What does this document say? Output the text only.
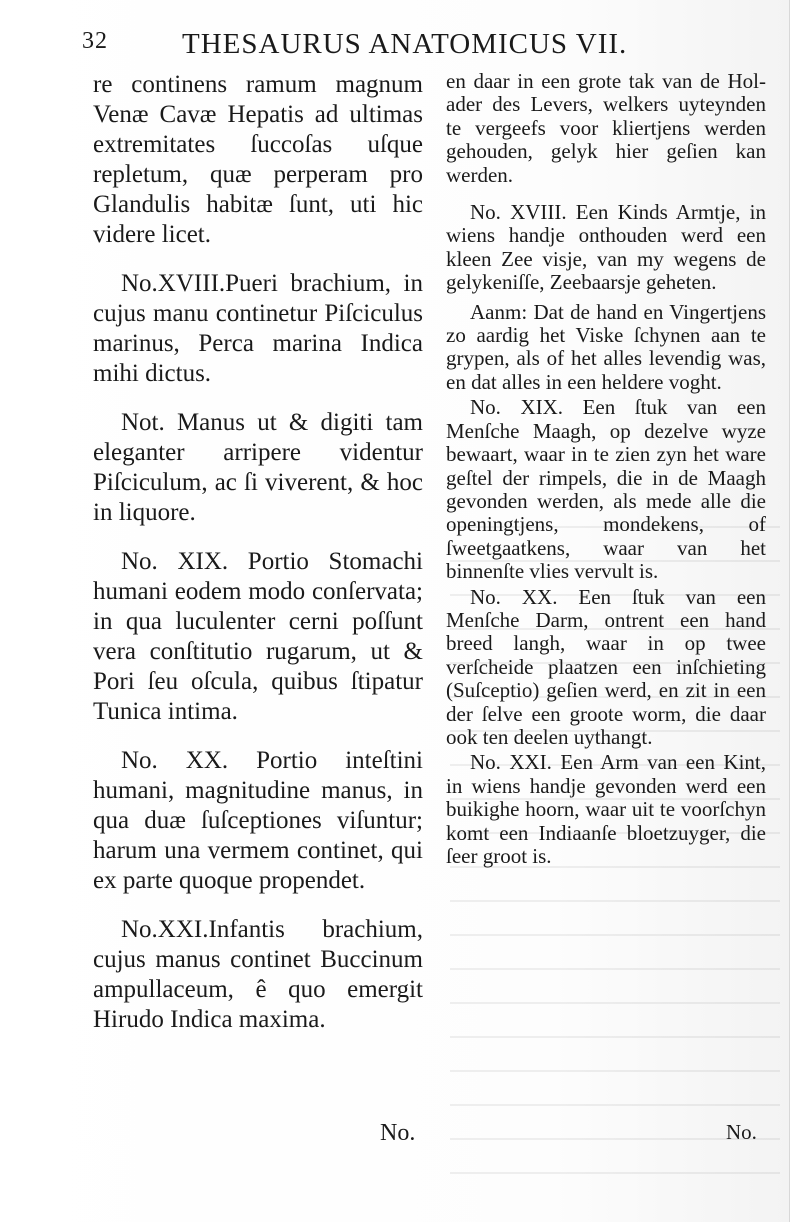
32	THESAURUS ANATOMICUS VII.

re continens ramum magnum Venæ Cavæ Hepatis ad ultimas extremitates ſuccoſas uſque repletum, quæ perperam pro Glandulis habitæ ſunt, uti hic videre licet.

No.XVIII.Pueri brachium, in cujus manu continetur Piſciculus marinus, Perca marina Indica mihi dictus.

Not. Manus ut & digiti tam eleganter arripere videntur Piſciculum, ac ſi viverent, & hoc in liquore.

No. XIX. Portio Stomachi humani eodem modo conſervata; in qua luculenter cerni poſſunt vera conſtitutio rugarum, ut & Pori ſeu oſcula, quibus ſtipatur Tunica intima.

No. XX. Portio inteſtini humani, magnitudine manus, in qua duæ ſuſceptiones viſuntur; harum una vermem continet, qui ex parte quoque propendet.

No.XXI.Infantis brachium, cujus manus continet Buccinum ampullaceum, ê quo emergit Hirudo Indica maxima.

en daar in een grote tak van de Hol-ader des Levers, welkers uyteynden te vergeefs voor kliertjens werden gehouden, gelyk hier geſien kan werden.

No. XVIII. Een Kinds Armtje, in wiens handje onthouden werd een kleen Zee visje, van my wegens de gelykeniſſe, Zeebaarsje geheten.

Aanm: Dat de hand en Vingertjens zo aardig het Viske ſchynen aan te grypen, als of het alles levendig was, en dat alles in een heldere voght.

No. XIX. Een ſtuk van een Menſche Maagh, op dezelve wyze bewaart, waar in te zien zyn het ware geſtel der rimpels, die in de Maagh gevonden werden, als mede alle die openingtjens, mondekens, of ſweetgaatkens, waar van het binnenſte vlies vervult is.

No. XX. Een ſtuk van een Menſche Darm, ontrent een hand breed langh, waar in op twee verſcheide plaatzen een inſchieting (Suſceptio) geſien werd, en zit in een der ſelve een groote worm, die daar ook ten deelen uythangt.

No. XXI. Een Arm van een Kint, in wiens handje gevonden werd een buikighe hoorn, waar uit te voorſchyn komt een Indiaanſe bloetzuyger, die ſeer groot is.

No.	No.
